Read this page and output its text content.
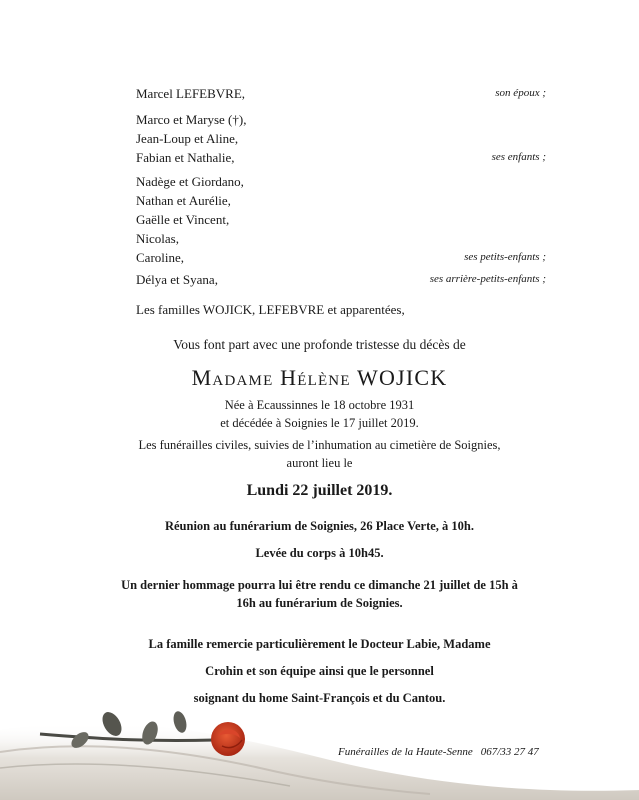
Marcel LEFEBVRE,	son époux ;
Marco et Maryse (†),
Jean-Loup et Aline,
Fabian et Nathalie,	ses enfants ;
Nadège et Giordano,
Nathan et Aurélie,
Gaëlle et Vincent,
Nicolas,
Caroline,	ses petits-enfants ;
Délya et Syana,	ses arrière-petits-enfants ;
Les familles WOJICK, LEFEBVRE et apparentées,
Vous font part avec une profonde tristesse du décès de
Madame Hélène WOJICK
Née à Ecaussinnes le 18 octobre 1931
et décédée à Soignies le 17 juillet 2019.
Les funérailles civiles, suivies de l’inhumation au cimetière de Soignies,
auront lieu le
Lundi 22 juillet 2019.
Réunion au funérarium de Soignies, 26 Place Verte, à 10h.
Levée du corps à 10h45.
Un dernier hommage pourra lui être rendu ce dimanche 21 juillet de 15h à
16h au funérarium de Soignies.
La famille remercie particulièrement le Docteur Labie, Madame
Crohin et son équipe ainsi que le personnel
soignant du home Saint-François et du Cantou.
Funérailles de la Haute-Senne 067/33 27 47
